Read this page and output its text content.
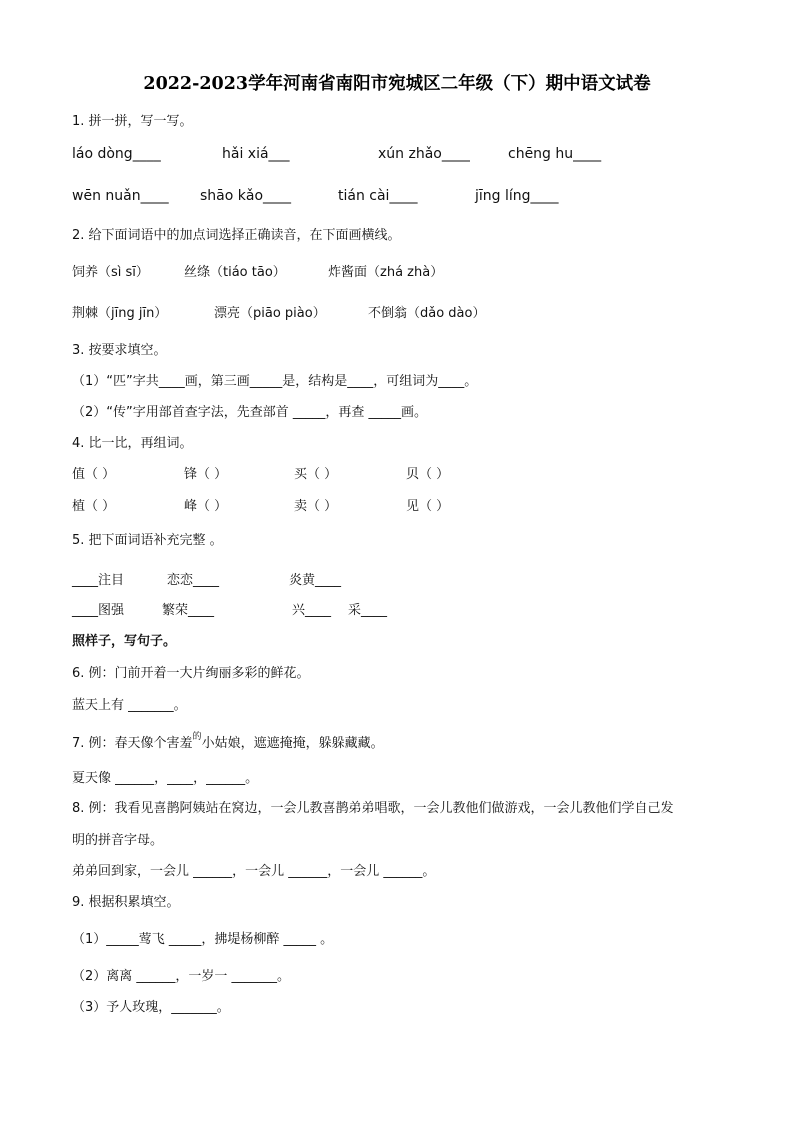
2022-2023学年河南省南阳市宛城区二年级（下）期中语文试卷
1. 拼一拼，写一写。
láo dòng____	hǎi xiá___	xún zhǎo____	chēng hu____
wēn nuǎn____ shāo kǎo____	tián cài____	jīng líng____
2. 给下面词语中的加点词选择正确读音，在下面画横线。
饲养（sì sī）	丝绦（tiáo tāo）	炸酱面（zhá zhà）
荆棘（jīng jīn）	漂亮（piāo piào）	不倒翁（dǎo dào）
3. 按要求填空。
（1）“匹”字共____画，第三画_____是，结构是____，可组词为____。
（2）“传”字用部首查字法，先查部首 _____，再查 _____画。
4. 比一比，再组词。
值（ ）	锋（ ）	买（ ）	贝（ ）
植（ ）	峰（ ）	卖（ ）	见（ ）
5. 把下面词语补充完整 。
____注目	恋恋____	炎黄____
____图强	繁荣____	兴____ 采____
照样子，写句子。
6. 例：门前开着一大片绚丽多彩的鲜花。
蓝天上有 _______。
7. 例：春天像个害羞$^的$小姑娘，遮遮掩掩，躲躲藏藏。
夏天像 ______，____，______。
8. 例：我看见喜鹊阿姨站在窝边，一会儿教喜鹊弟弟唱歌，一会儿教他们做游戏，一会儿教他们学自己发
明的拼音字母。
弟弟回到家，一会儿 ______，一会儿 ______，一会儿 ______。
9. 根据积累填空。
（1）_____莺飞 _____，拂堤杨柳醉 _____ 。
（2）离离 ______，一岁一 _______。
（3）予人玫瑰，_______。
